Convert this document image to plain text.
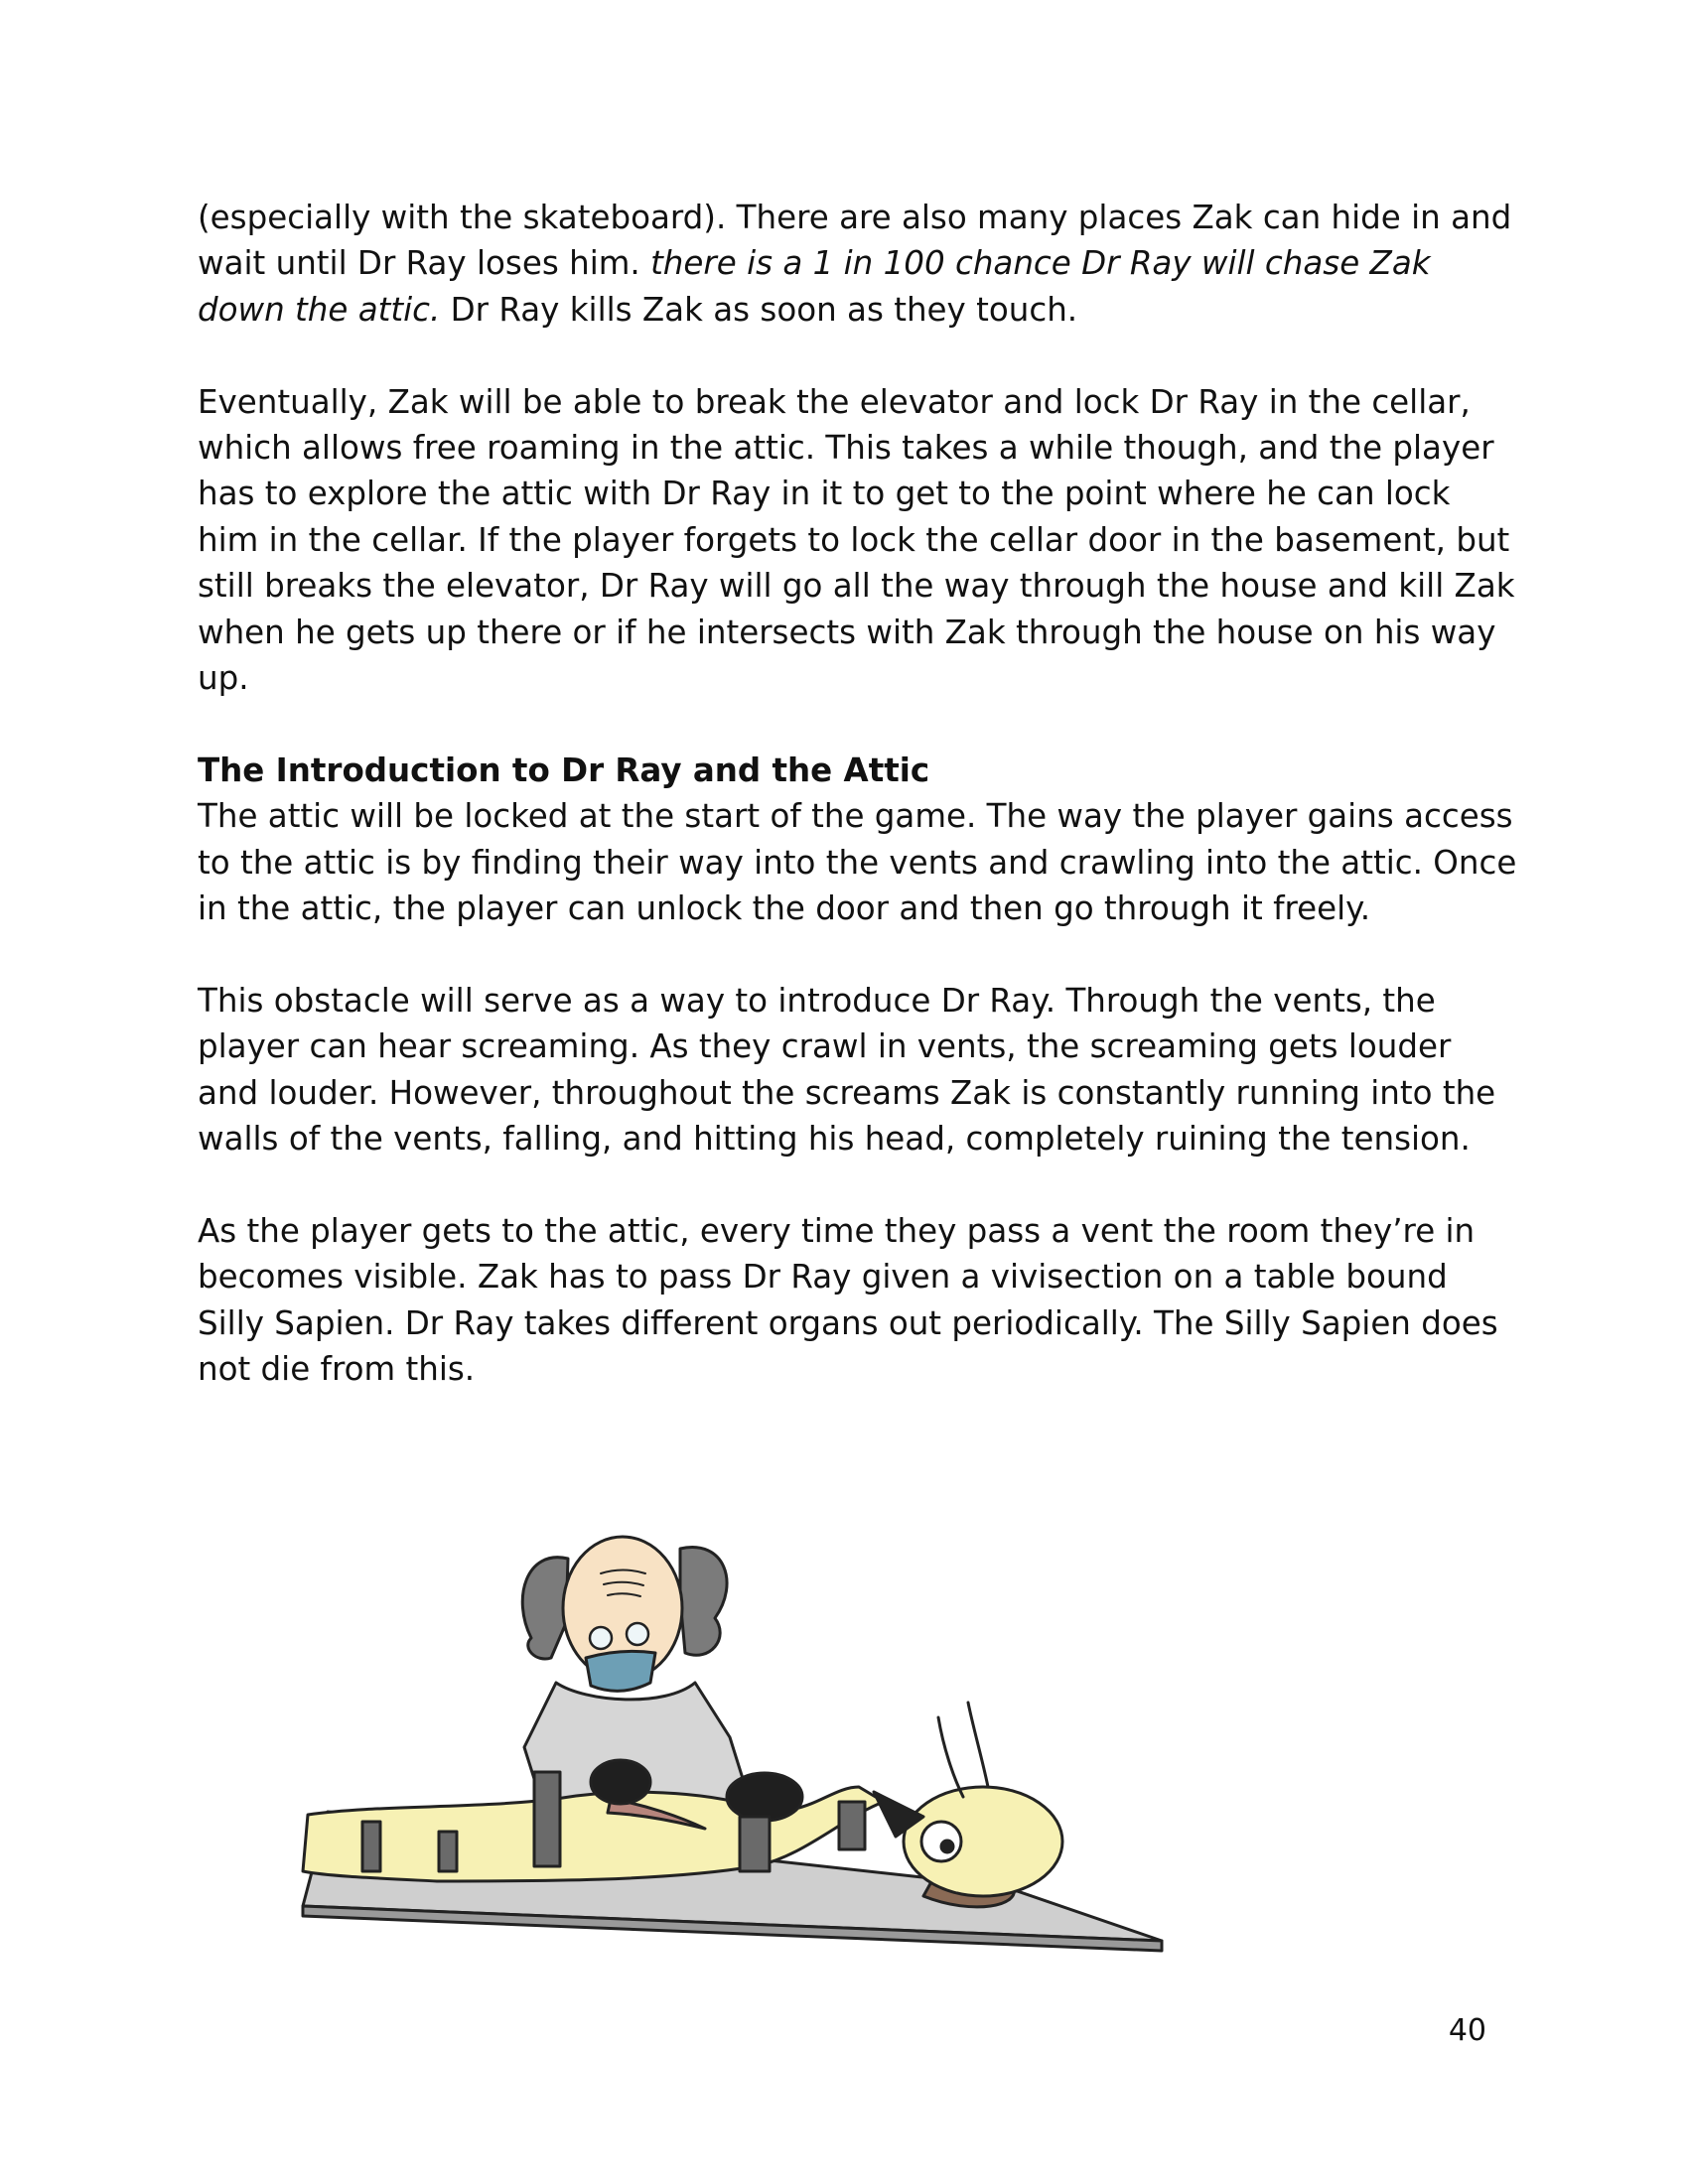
(especially with the skateboard). There are also many places Zak can hide in and wait until Dr Ray loses him. there is a 1 in 100 chance Dr Ray will chase Zak down the attic. Dr Ray kills Zak as soon as they touch.

Eventually, Zak will be able to break the elevator and lock Dr Ray in the cellar, which allows free roaming in the attic. This takes a while though, and the player has to explore the attic with Dr Ray in it to get to the point where he can lock him in the cellar. If the player forgets to lock the cellar door in the basement, but still breaks the elevator, Dr Ray will go all the way through the house and kill Zak when he gets up there or if he intersects with Zak through the house on his way up.

The Introduction to Dr Ray and the Attic
The attic will be locked at the start of the game. The way the player gains access to the attic is by finding their way into the vents and crawling into the attic. Once in the attic, the player can unlock the door and then go through it freely.

This obstacle will serve as a way to introduce Dr Ray. Through the vents, the player can hear screaming. As they crawl in vents, the screaming gets louder and louder. However, throughout the screams Zak is constantly running into the walls of the vents, falling, and hitting his head, completely ruining the tension.

As the player gets to the attic, every time they pass a vent the room they’re in becomes visible. Zak has to pass Dr Ray given a vivisection on a table bound Silly Sapien. Dr Ray takes different organs out periodically. The Silly Sapien does not die from this.

40
